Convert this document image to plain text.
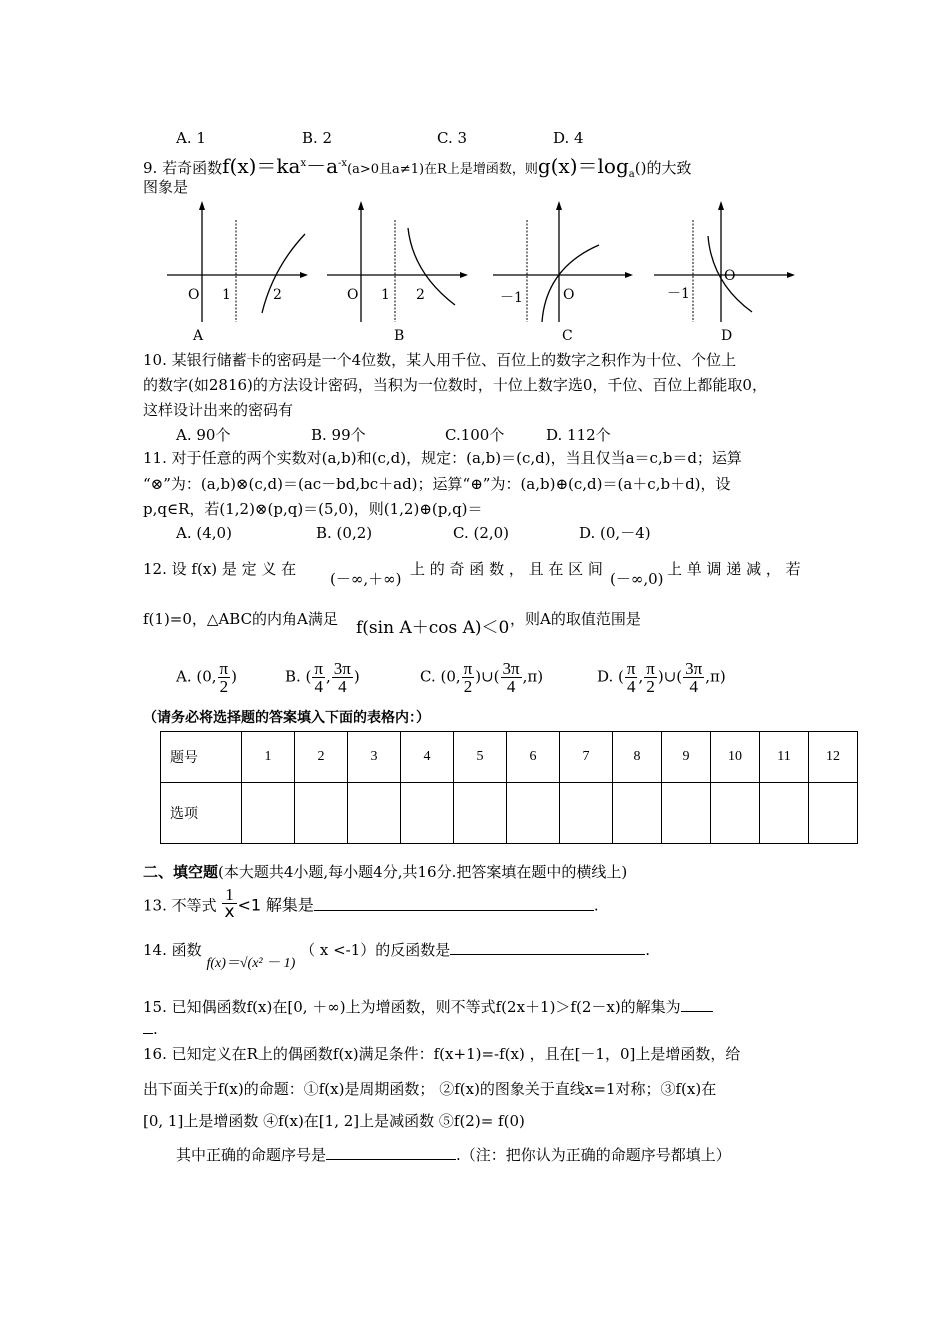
A. 1	B. 2	C. 3	D. 4
9. 若奇函数$f(x)=ka^x-a^{-x}(a>0$且a≠1)在R上是增函数，则$g(x)=\log_a()$的大致
图象是
O 1	2
A
O 1 2
B
－1	O
C
－1
O
D
10. 某银行储蓄卡的密码是一个4位数，某人用千位、百位上的数字之积作为十位、个位上
的数字(如2816)的方法设计密码，当积为一位数时，十位上数字选0，千位、百位上都能取0，
这样设计出来的密码有
A. 90个	B. 99个	C.100个	D. 112个
11. 对于任意的两个实数对(a,b)和(c,d)，规定：(a,b)＝(c,d)，当且仅当a＝c,b＝d；运算
“⊗”为：(a,b)⊗(c,d)＝(ac－bd,bc＋ad)；运算“⊕”为：(a,b)⊕(c,d)＝(a＋c,b＋d)，设
p,q∈R，若(1,2)⊗(p,q)＝(5,0)，则(1,2)⊕(p,q)＝
A. (4,0)	B. (0,2)	C. (2,0)	D. (0,－4)
12. 设 f(x) 是 定 义 在
(－∞,＋∞)
上 的 奇 函 数 ， 且 在 区 间
(－∞,0)
上 单 调 递 减 ， 若
f(1)=0，△ABC的内角A满足 f(sin A＋cos A)＜0 ，则A的取值范围是
A. (0, $\frac{\pi}{2}$ )	B. ( $\frac{\pi}{4}$ , $\frac{3\pi}{4}$ )	C. (0, $\frac{\pi}{2}$ )∪( $\frac{3\pi}{4} ,\pi$)	D. ( $\frac{\pi}{4}$ , $\frac{\pi}{2}$ )∪( $\frac{3\pi}{4} ,\pi$)
（请务必将选择题的答案填入下面的表格内：）
题号	1	2	3	4	5	6	7	8	9	10	11	12
选项												
二、填空题(本大题共4小题,每小题4分,共16分.把答案填在题中的横线上)
13. 不等式 $\frac{1}{x} <1$ 解集是	.
14. 函数 f(x)＝√(x² － 1) （ x <-1）的反函数是	.
15. 已知偶函数f(x)在[0, ＋∞)上为增函数，则不等式f(2x＋1)＞f(2－x)的解集为
.
16. 已知定义在R上的偶函数f(x)满足条件：f(x+1)=-f(x) ，且在[－1，0]上是增函数，给
出下面关于f(x)的命题：①f(x)是周期函数； ②f(x)的图象关于直线x=1对称；③f(x)在
[0, 1]上是增函数 ④f(x)在[1, 2]上是减函数 ⑤f(2)= f(0)
其中正确的命题序号是	.（注：把你认为正确的命题序号都填上）
